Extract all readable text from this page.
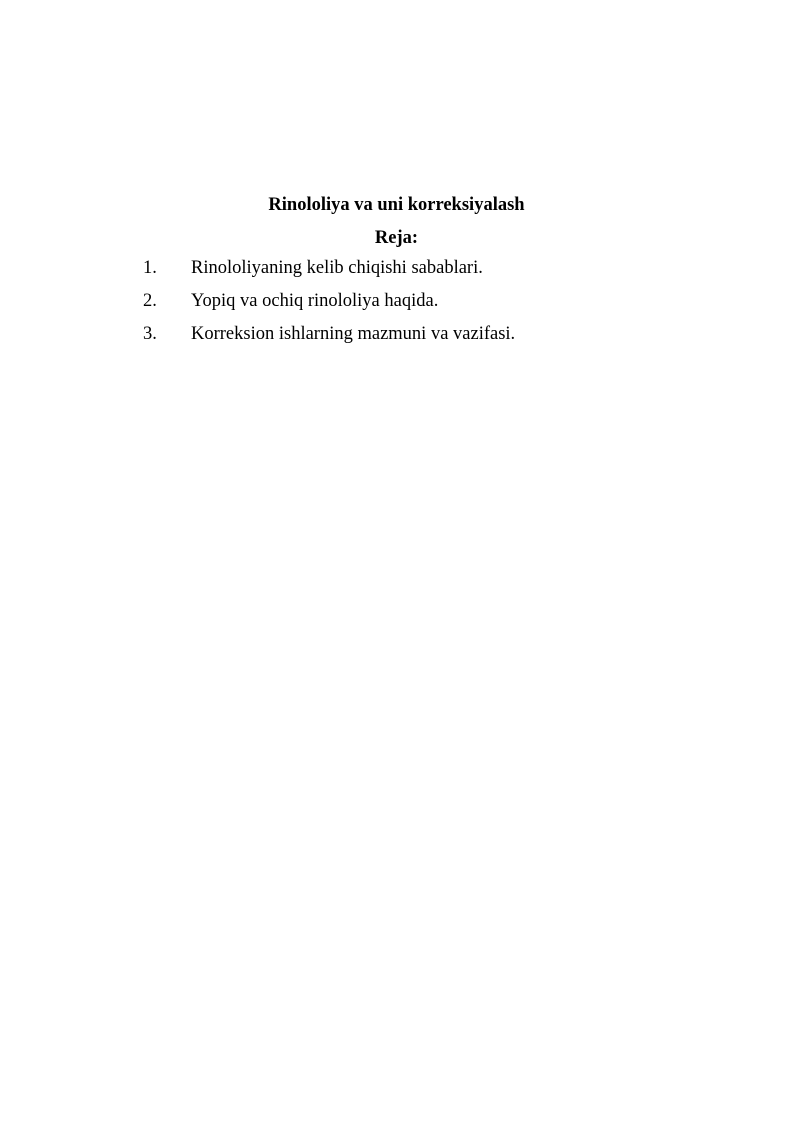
Rinololiya va uni korreksiyalash
Reja:
1. Rinololiyaning kelib chiqishi sabablari.
2. Yopiq va ochiq rinololiya haqida.
3. Korreksion ishlarning mazmuni va vazifasi.
